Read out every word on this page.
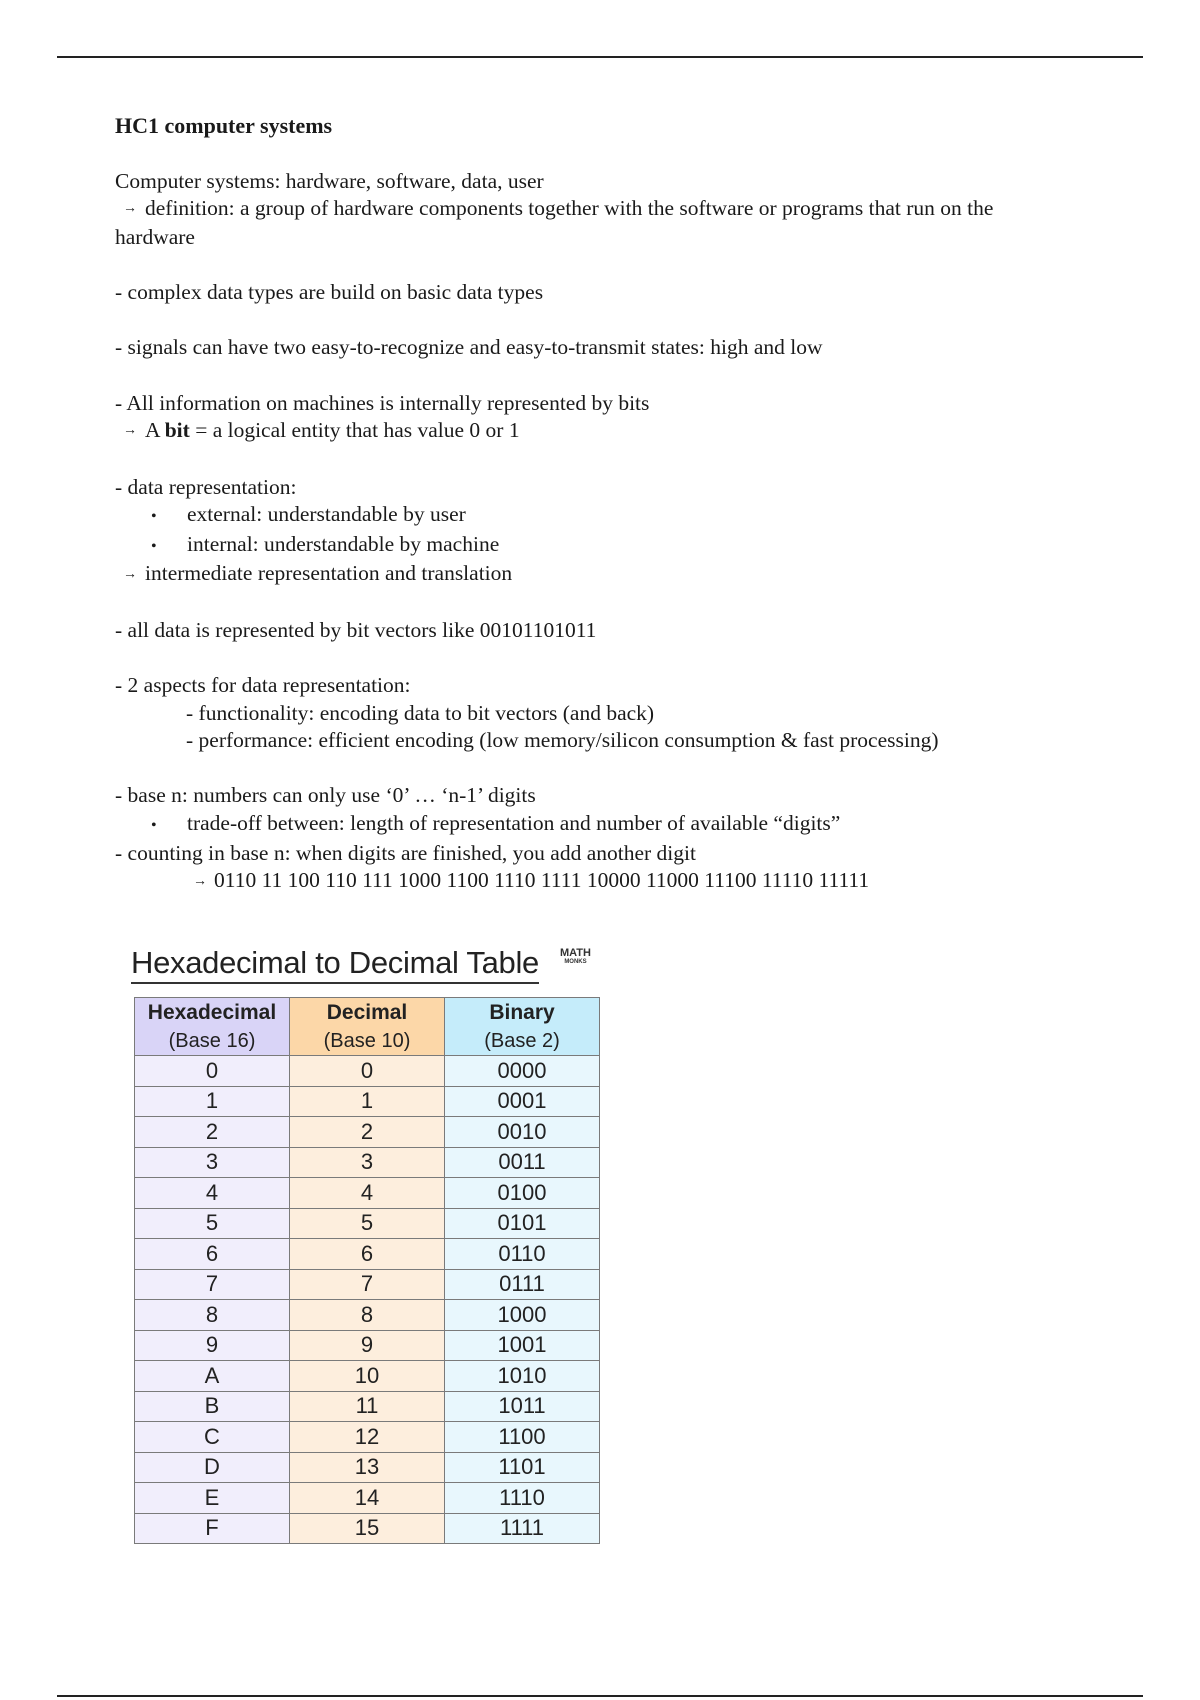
HC1 computer systems

Computer systems: hardware, software, data, user

→ definition: a group of hardware components together with the software or programs that run on the hardware

- complex data types are build on basic data types

- signals can have two easy-to-recognize and easy-to-transmit states: high and low

- All information on machines is internally represented by bits

→ A bit = a logical entity that has value 0 or 1

- data representation:

• external: understandable by user

• internal: understandable by machine

→ intermediate representation and translation

- all data is represented by bit vectors like 00101101011

- 2 aspects for data representation:

- functionality: encoding data to bit vectors (and back)

- performance: efficient encoding (low memory/silicon consumption & fast processing)

- base n: numbers can only use ‘0’ … ‘n-1’ digits

• trade-off between: length of representation and number of available “digits”

- counting in base n: when digits are finished, you add another digit

→ 0110 11 100 110 111 1000 1100 1110 1111 10000 11000 11100 11110 11111

Hexadecimal to Decimal Table MATH
MONKS
Hexadecimal
(Base 16)	Decimal
(Base 10)	Binary
(Base 2)
0	0	0000
1	1	0001
2	2	0010
3	3	0011
4	4	0100
5	5	0101
6	6	0110
7	7	0111
8	8	1000
9	9	1001
A	10	1010
B	11	1011
C	12	1100
D	13	1101
E	14	1110
F	15	1111
